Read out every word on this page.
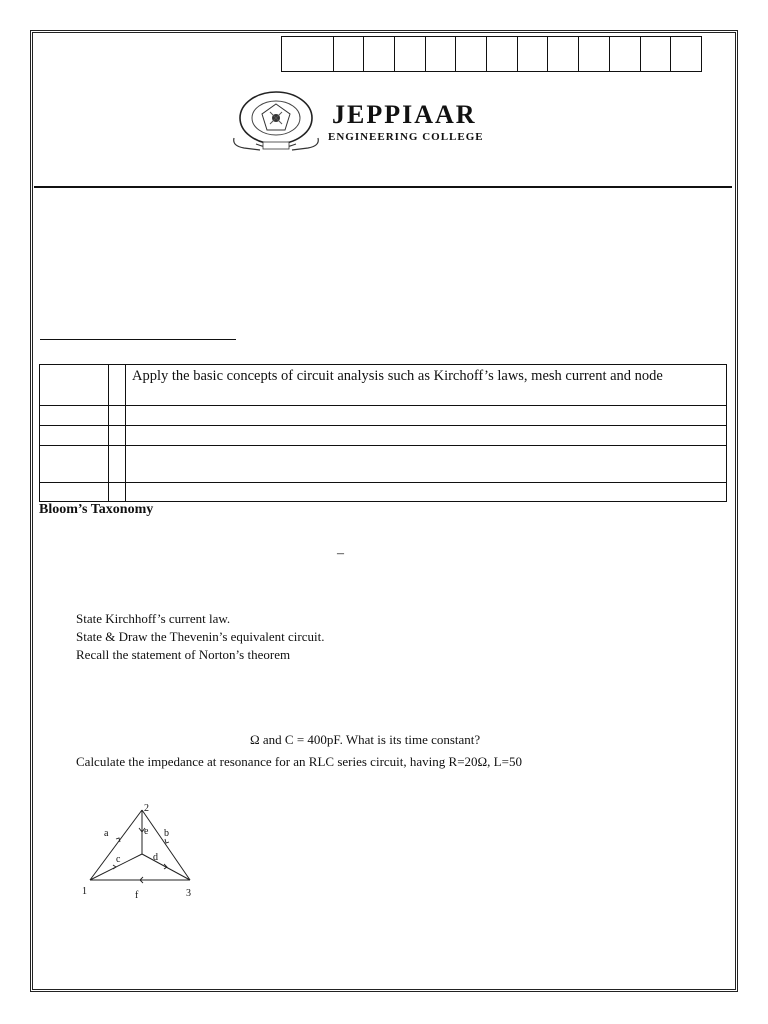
JEPPIAAR
ENGINEERING COLLEGE
		Apply the basic concepts of circuit analysis such as Kirchoff’s laws, mesh current and node

Bloom’s Taxonomy
–
State Kirchhoff’s current law.
State & Draw the Thevenin’s equivalent circuit.
Recall the statement of Norton’s theorem
Ω and C = 400pF. What is its time constant?
Calculate the impedance at resonance for an RLC series circuit, having R=20Ω, L=50
1
2
3
a	b
c	d
e
f
